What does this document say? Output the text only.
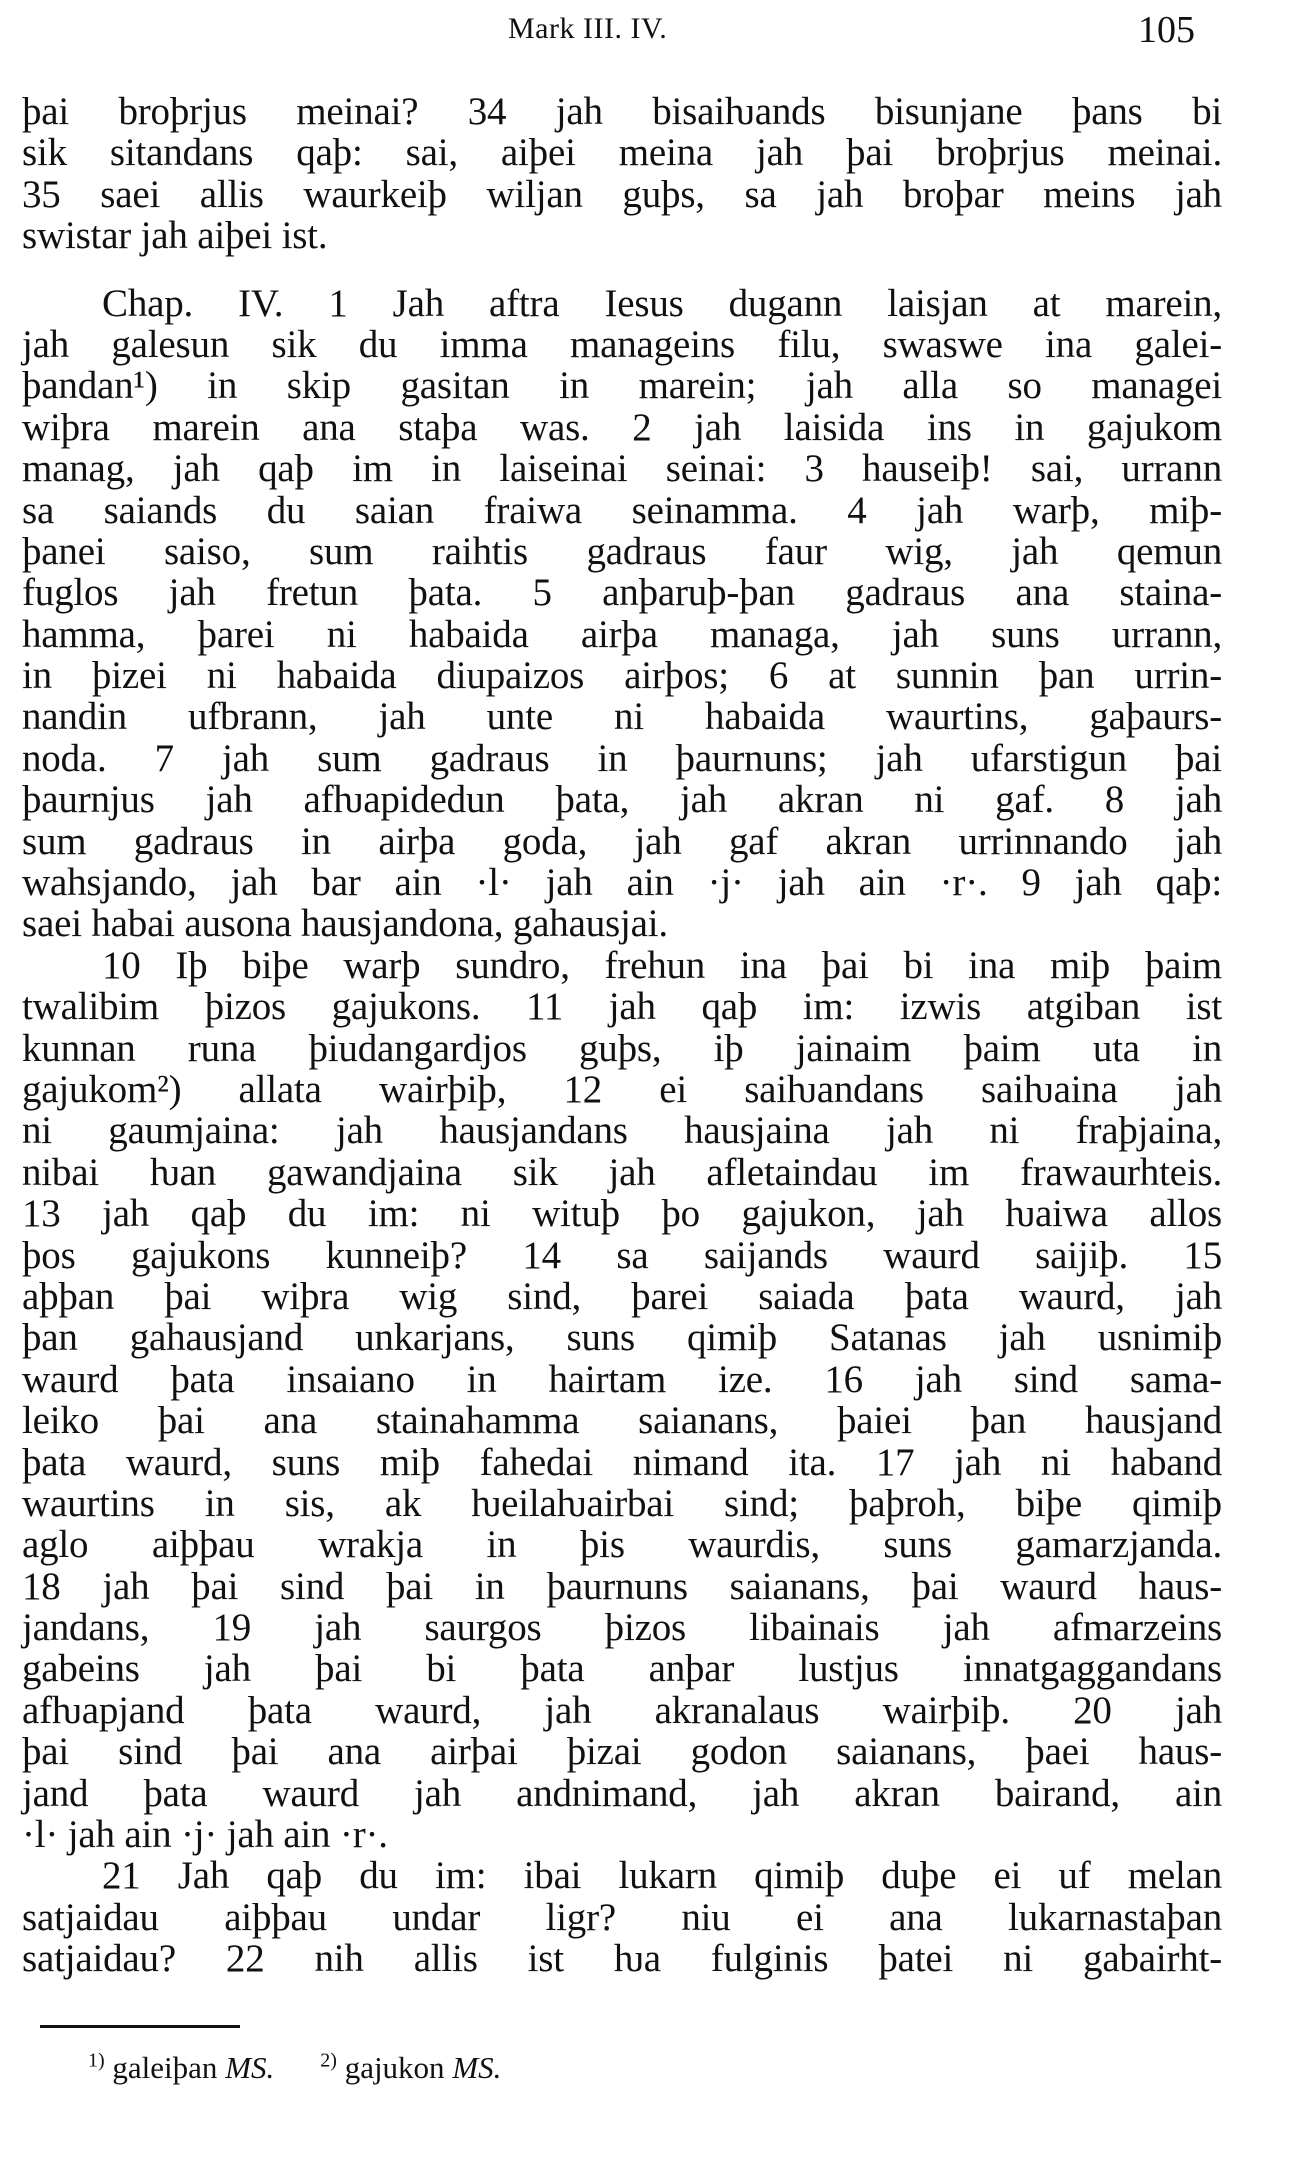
Mark III. IV.	105
þai broþrjus meinai? 34 jah bisaiƕands bisunjane þans bi
sik sitandans qaþ: sai, aiþei meina jah þai broþrjus meinai.
35 saei allis waurkeiþ wiljan guþs, sa jah broþar meins jah
swistar jah aiþei ist.
Chap. IV. 1 Jah aftra Iesus dugann laisjan at marein,
jah galesun sik du imma manageins filu, swaswe ina galei-
þandan¹) in skip gasitan in marein; jah alla so managei
wiþra marein ana staþa was. 2 jah laisida ins in gajukom
manag, jah qaþ im in laiseinai seinai: 3 hauseiþ! sai, urrann
sa saiands du saian fraiwa seinamma. 4 jah warþ, miþ-
þanei saiso, sum raihtis gadraus faur wig, jah qemun
fuglos jah fretun þata. 5 anþaruþ-þan gadraus ana staina-
hamma, þarei ni habaida airþa managa, jah suns urrann,
in þizei ni habaida diupaizos airþos; 6 at sunnin þan urrin-
nandin ufbrann, jah unte ni habaida waurtins, gaþaurs-
noda. 7 jah sum gadraus in þaurnuns; jah ufarstigun þai
þaurnjus jah afƕapidedun þata, jah akran ni gaf. 8 jah
sum gadraus in airþa goda, jah gaf akran urrinnando jah
wahsjando, jah bar ain ·l· jah ain ·j· jah ain ·r·. 9 jah qaþ:
saei habai ausona hausjandona, gahausjai.
10 Iþ biþe warþ sundro, frehun ina þai bi ina miþ þaim
twalibim þizos gajukons. 11 jah qaþ im: izwis atgiban ist
kunnan runa þiudangardjos guþs, iþ jainaim þaim uta in
gajukom²) allata wairþiþ, 12 ei saiƕandans saiƕaina jah
ni gaumjaina: jah hausjandans hausjaina jah ni fraþjaina,
nibai ƕan gawandjaina sik jah afletaindau im frawaurhteis.
13 jah qaþ du im: ni wituþ þo gajukon, jah ƕaiwa allos
þos gajukons kunneiþ? 14 sa saijands waurd saijiþ. 15
aþþan þai wiþra wig sind, þarei saiada þata waurd, jah
þan gahausjand unkarjans, suns qimiþ Satanas jah usnimiþ
waurd þata insaiano in hairtam ize. 16 jah sind sama-
leiko þai ana stainahamma saianans, þaiei þan hausjand
þata waurd, suns miþ fahedai nimand ita. 17 jah ni haband
waurtins in sis, ak ƕeilaƕairbai sind; þaþroh, biþe qimiþ
aglo aiþþau wrakja in þis waurdis, suns gamarzjanda.
18 jah þai sind þai in þaurnuns saianans, þai waurd haus-
jandans, 19 jah saurgos þizos libainais jah afmarzeins
gabeins jah þai bi þata anþar lustjus innatgaggandans
afƕapjand þata waurd, jah akranalaus wairþiþ. 20 jah
þai sind þai ana airþai þizai godon saianans, þaei haus-
jand þata waurd jah andnimand, jah akran bairand, ain
·l· jah ain ·j· jah ain ·r·.
21 Jah qaþ du im: ibai lukarn qimiþ duþe ei uf melan
satjaidau aiþþau undar ligr? niu ei ana lukarnastaþan
satjaidau? 22 nih allis ist ƕa fulginis þatei ni gabairht-
$^{1)}$ galeiþan MS. $^{2)}$ gajukon MS.
